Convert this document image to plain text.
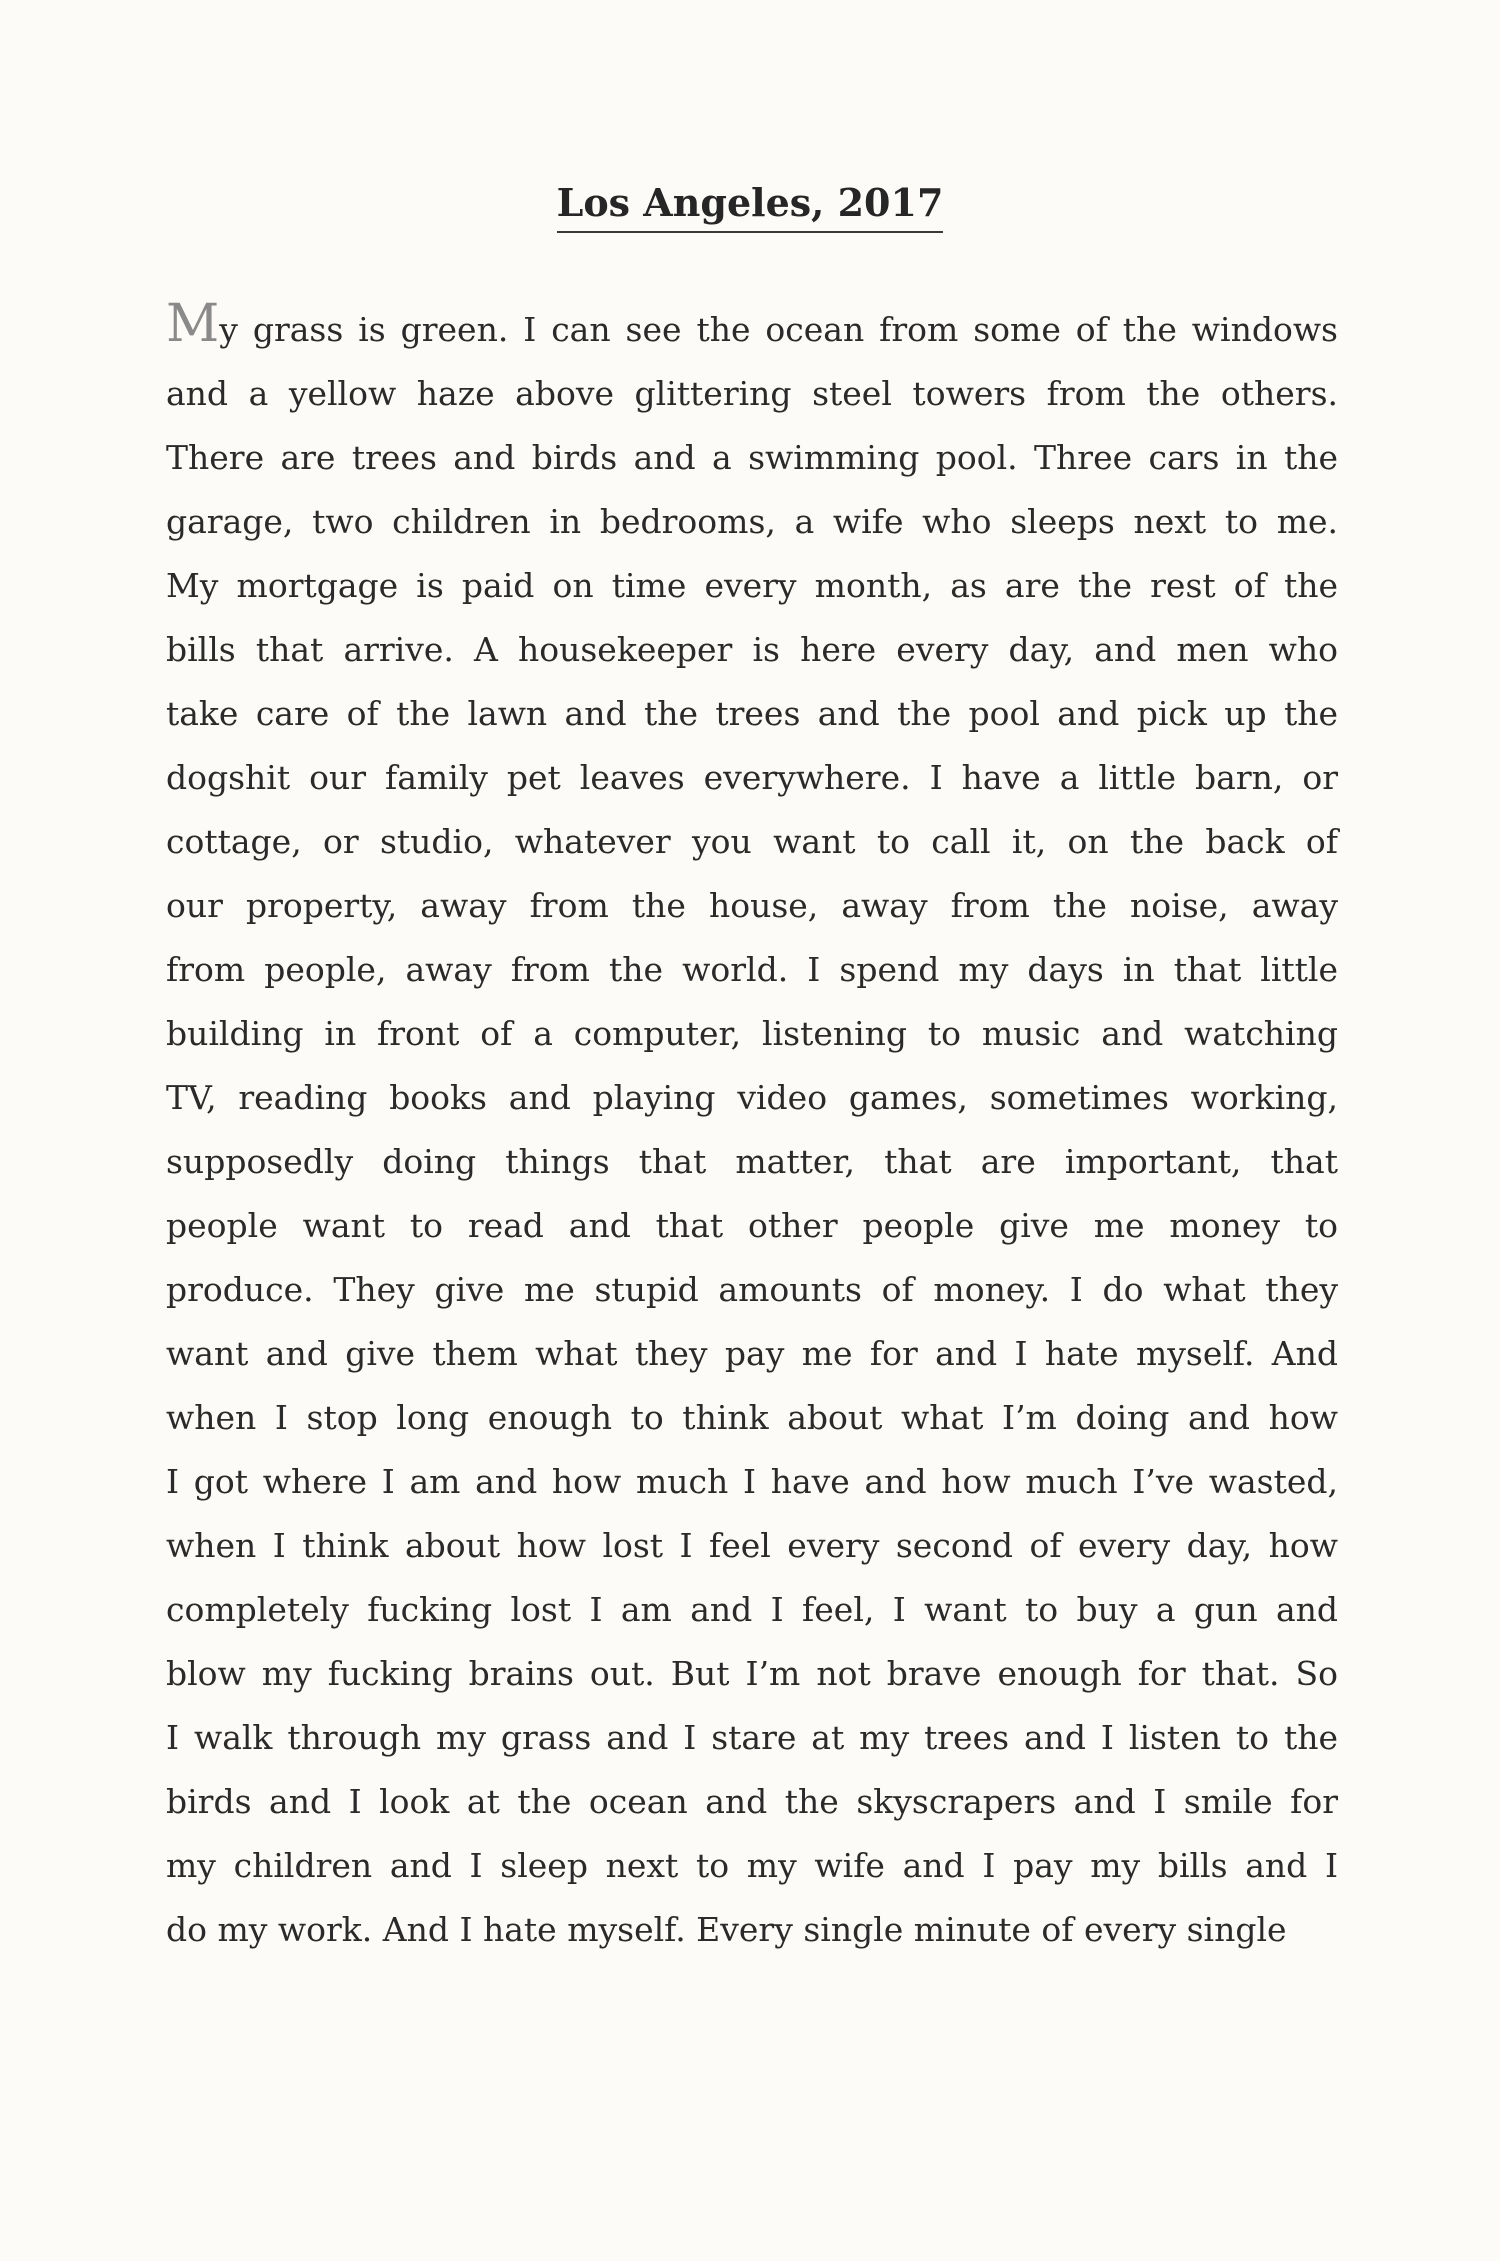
Los Angeles, 2017
My grass is green. I can see the ocean from some of the windows
and a yellow haze above glittering steel towers from the others.
There are trees and birds and a swimming pool. Three cars in the
garage, two children in bedrooms, a wife who sleeps next to me.
My mortgage is paid on time every month, as are the rest of the
bills that arrive. A housekeeper is here every day, and men who
take care of the lawn and the trees and the pool and pick up the
dogshit our family pet leaves everywhere. I have a little barn, or
cottage, or studio, whatever you want to call it, on the back of
our property, away from the house, away from the noise, away
from people, away from the world. I spend my days in that little
building in front of a computer, listening to music and watching
TV, reading books and playing video games, sometimes working,
supposedly doing things that matter, that are important, that
people want to read and that other people give me money to
produce. They give me stupid amounts of money. I do what they
want and give them what they pay me for and I hate myself. And
when I stop long enough to think about what I’m doing and how
I got where I am and how much I have and how much I’ve wasted,
when I think about how lost I feel every second of every day, how
completely fucking lost I am and I feel, I want to buy a gun and
blow my fucking brains out. But I’m not brave enough for that. So
I walk through my grass and I stare at my trees and I listen to the
birds and I look at the ocean and the skyscrapers and I smile for
my children and I sleep next to my wife and I pay my bills and I
do my work. And I hate myself. Every single minute of every single
